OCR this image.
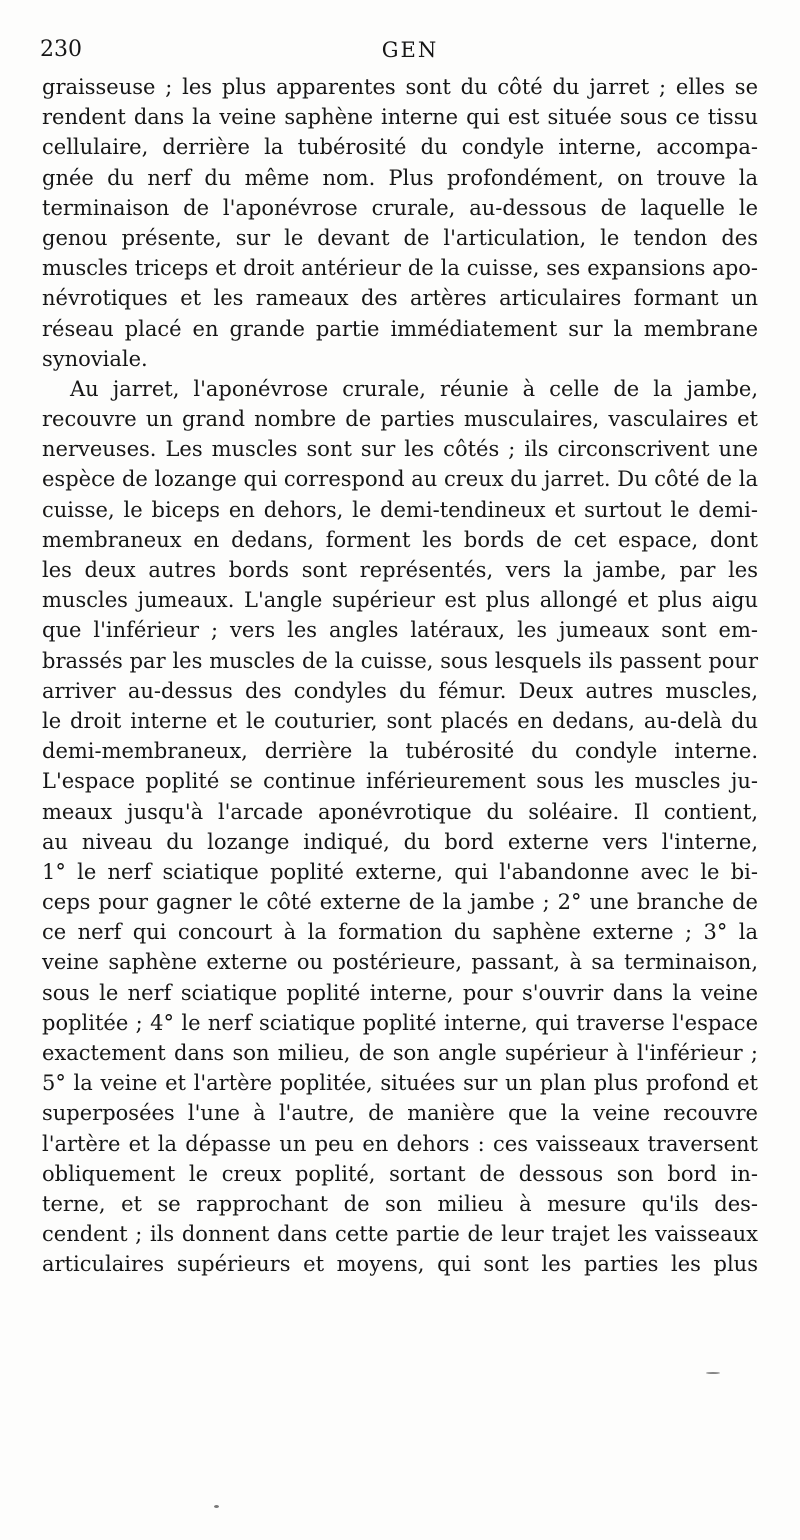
230	GEN
graisseuse ; les plus apparentes sont du côté du jarret ; elles se
rendent dans la veine saphène interne qui est située sous ce tissu
cellulaire, derrière la tubérosité du condyle interne, accompa-
gnée du nerf du même nom. Plus profondément, on trouve la
terminaison de l'aponévrose crurale, au-dessous de laquelle le
genou présente, sur le devant de l'articulation, le tendon des
muscles triceps et droit antérieur de la cuisse, ses expansions apo-
névrotiques et les rameaux des artères articulaires formant un
réseau placé en grande partie immédiatement sur la membrane
synoviale.
Au jarret, l'aponévrose crurale, réunie à celle de la jambe,
recouvre un grand nombre de parties musculaires, vasculaires et
nerveuses. Les muscles sont sur les côtés ; ils circonscrivent une
espèce de lozange qui correspond au creux du jarret. Du côté de la
cuisse, le biceps en dehors, le demi-tendineux et surtout le demi-
membraneux en dedans, forment les bords de cet espace, dont
les deux autres bords sont représentés, vers la jambe, par les
muscles jumeaux. L'angle supérieur est plus allongé et plus aigu
que l'inférieur ; vers les angles latéraux, les jumeaux sont em-
brassés par les muscles de la cuisse, sous lesquels ils passent pour
arriver au-dessus des condyles du fémur. Deux autres muscles,
le droit interne et le couturier, sont placés en dedans, au-delà du
demi-membraneux, derrière la tubérosité du condyle interne.
L'espace poplité se continue inférieurement sous les muscles ju-
meaux jusqu'à l'arcade aponévrotique du soléaire. Il contient,
au niveau du lozange indiqué, du bord externe vers l'interne,
1° le nerf sciatique poplité externe, qui l'abandonne avec le bi-
ceps pour gagner le côté externe de la jambe ; 2° une branche de
ce nerf qui concourt à la formation du saphène externe ; 3° la
veine saphène externe ou postérieure, passant, à sa terminaison,
sous le nerf sciatique poplité interne, pour s'ouvrir dans la veine
poplitée ; 4° le nerf sciatique poplité interne, qui traverse l'espace
exactement dans son milieu, de son angle supérieur à l'inférieur ;
5° la veine et l'artère poplitée, situées sur un plan plus profond et
superposées l'une à l'autre, de manière que la veine recouvre
l'artère et la dépasse un peu en dehors : ces vaisseaux traversent
obliquement le creux poplité, sortant de dessous son bord in-
terne, et se rapprochant de son milieu à mesure qu'ils des-
cendent ; ils donnent dans cette partie de leur trajet les vaisseaux
articulaires supérieurs et moyens, qui sont les parties les plus
